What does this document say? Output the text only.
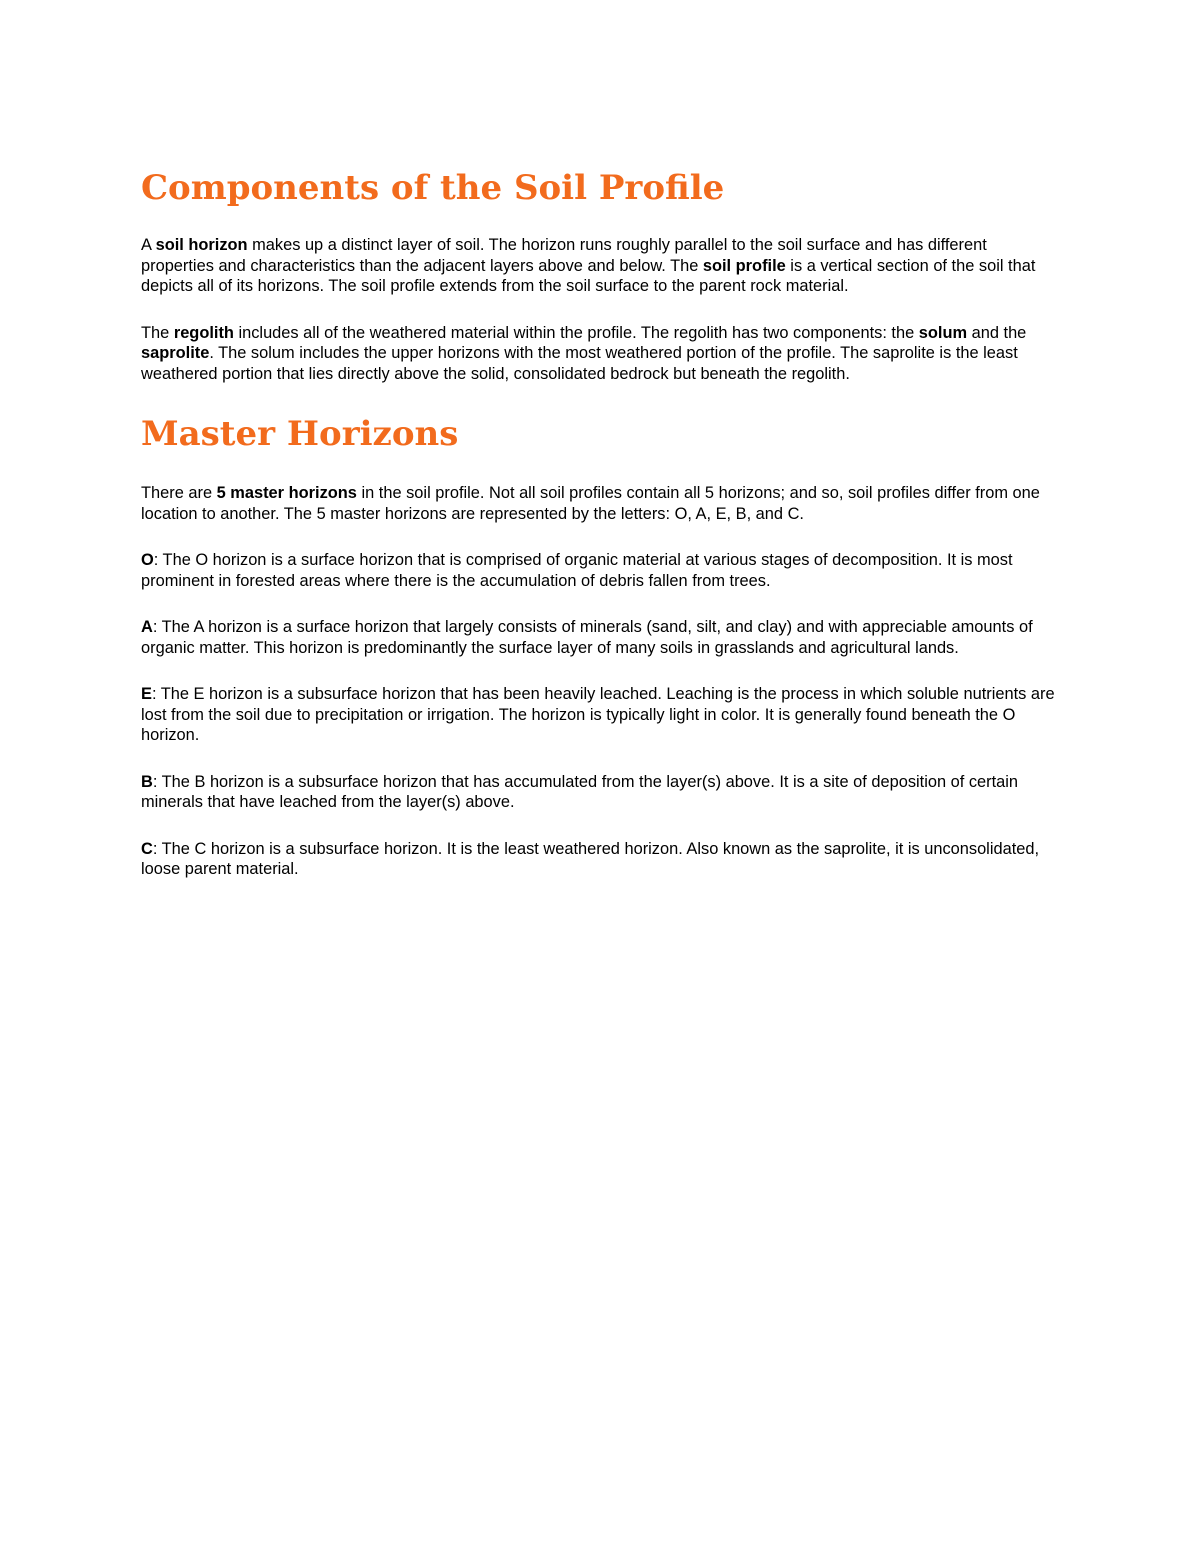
Components of the Soil Profile

A soil horizon makes up a distinct layer of soil. The horizon runs roughly parallel to the soil surface and has different properties and characteristics than the adjacent layers above and below. The soil profile is a vertical section of the soil that depicts all of its horizons. The soil profile extends from the soil surface to the parent rock material.

The regolith includes all of the weathered material within the profile. The regolith has two components: the solum and the saprolite. The solum includes the upper horizons with the most weathered portion of the profile. The saprolite is the least weathered portion that lies directly above the solid, consolidated bedrock but beneath the regolith.

Master Horizons

There are 5 master horizons in the soil profile. Not all soil profiles contain all 5 horizons; and so, soil profiles differ from one location to another. The 5 master horizons are represented by the letters: O, A, E, B, and C.

O: The O horizon is a surface horizon that is comprised of organic material at various stages of decomposition. It is most prominent in forested areas where there is the accumulation of debris fallen from trees.

A: The A horizon is a surface horizon that largely consists of minerals (sand, silt, and clay) and with appreciable amounts of organic matter. This horizon is predominantly the surface layer of many soils in grasslands and agricultural lands.

E: The E horizon is a subsurface horizon that has been heavily leached. Leaching is the process in which soluble nutrients are lost from the soil due to precipitation or irrigation. The horizon is typically light in color. It is generally found beneath the O horizon.

B: The B horizon is a subsurface horizon that has accumulated from the layer(s) above. It is a site of deposition of certain minerals that have leached from the layer(s) above.

C: The C horizon is a subsurface horizon. It is the least weathered horizon. Also known as the saprolite, it is unconsolidated, loose parent material.
